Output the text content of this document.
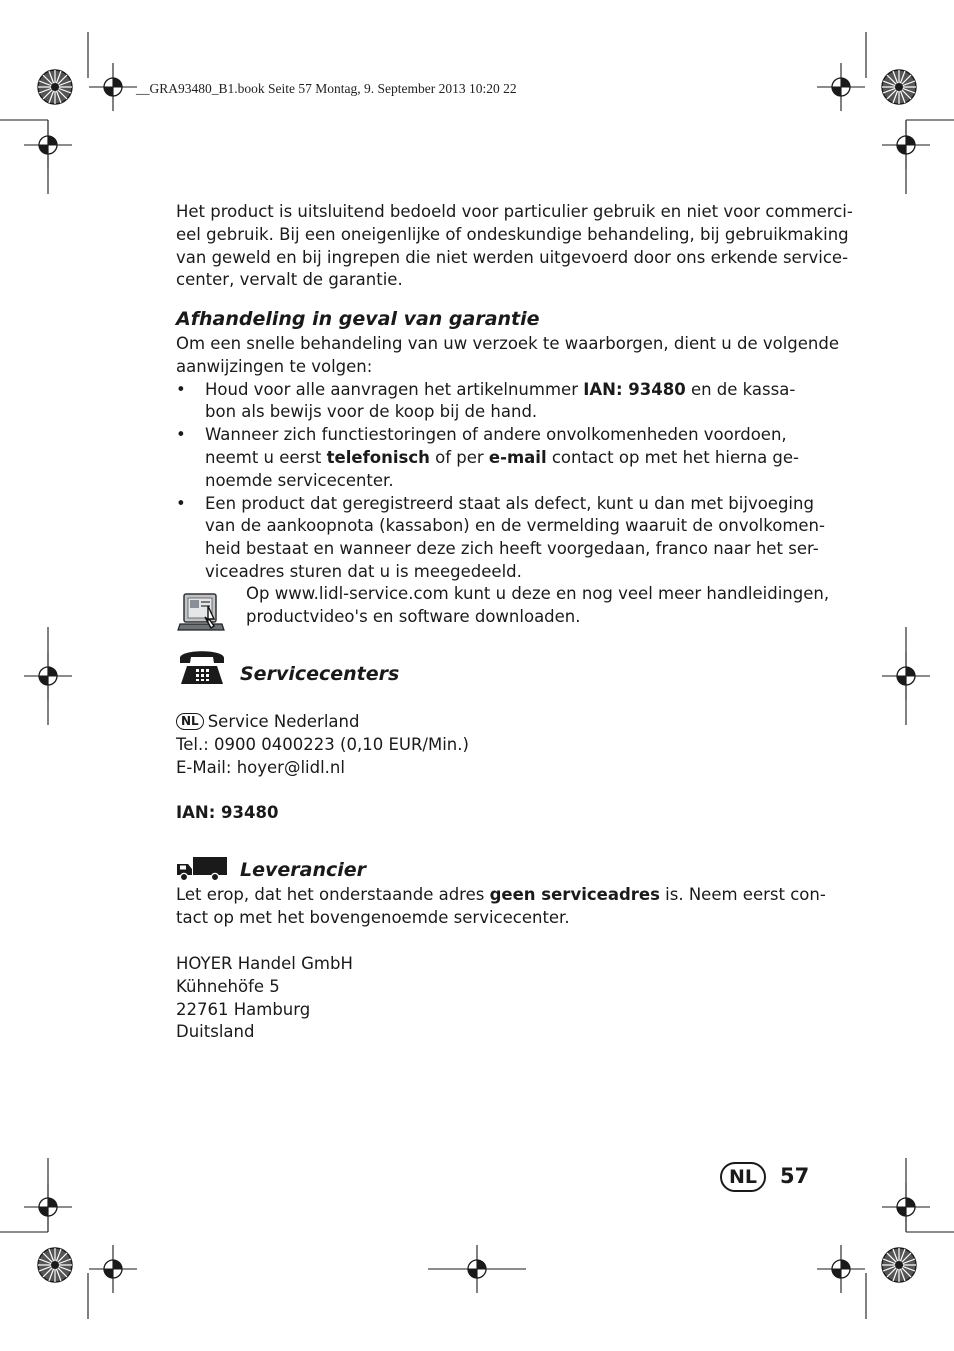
__GRA93480_B1.book Seite 57 Montag, 9. September 2013 10:20 22
Het product is uitsluitend bedoeld voor particulier gebruik en niet voor commerci-
eel gebruik. Bij een oneigenlijke of ondeskundige behandeling, bij gebruikmaking
van geweld en bij ingrepen die niet werden uitgevoerd door ons erkende service-
center, vervalt de garantie.
Afhandeling in geval van garantie
Om een snelle behandeling van uw verzoek te waarborgen, dient u de volgende
aanwijzingen te volgen:
• Houd voor alle aanvragen het artikelnummer IAN: 93480 en de kassa-
bon als bewijs voor de koop bij de hand.
• Wanneer zich functiestoringen of andere onvolkomenheden voordoen,
neemt u eerst telefonisch of per e-mail contact op met het hierna ge-
noemde servicecenter.
• Een product dat geregistreerd staat als defect, kunt u dan met bijvoeging
van de aankoopnota (kassabon) en de vermelding waaruit de onvolkomen-
heid bestaat en wanneer deze zich heeft voorgedaan, franco naar het ser-
viceadres sturen dat u is meegedeeld.
Op www.lidl-service.com kunt u deze en nog veel meer handleidingen,
productvideo's en software downloaden.
Servicecenters
NL Service Nederland
Tel.: 0900 0400223 (0,10 EUR/Min.)
E-Mail: hoyer@lidl.nl
IAN: 93480
Leverancier
Let erop, dat het onderstaande adres geen serviceadres is. Neem eerst con-
tact op met het bovengenoemde servicecenter.
HOYER Handel GmbH
Kühnehöfe 5
22761 Hamburg
Duitsland
NL 57
